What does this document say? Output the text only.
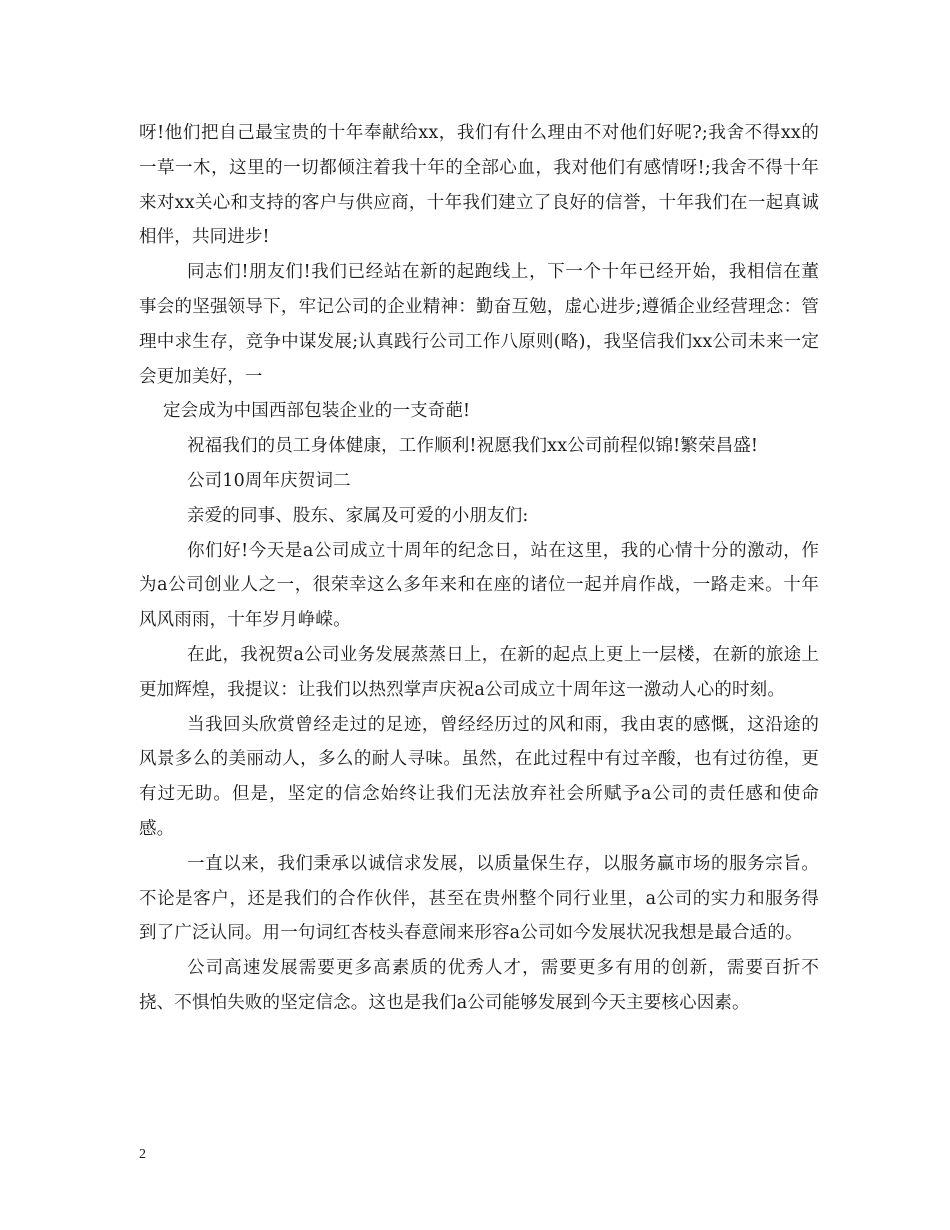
呀!他们把自己最宝贵的十年奉献给xx，我们有什么理由不对他们好呢?;我舍不得xx的一草一木，这里的一切都倾注着我十年的全部心血，我对他们有感情呀!;我舍不得十年来对xx关心和支持的客户与供应商，十年我们建立了良好的信誉，十年我们在一起真诚相伴，共同进步!

同志们!朋友们!我们已经站在新的起跑线上，下一个十年已经开始，我相信在董事会的坚强领导下，牢记公司的企业精神：勤奋互勉，虚心进步;遵循企业经营理念：管理中求生存，竞争中谋发展;认真践行公司工作八原则(略)，我坚信我们xx公司未来一定会更加美好，一

定会成为中国西部包装企业的一支奇葩!

祝福我们的员工身体健康，工作顺利!祝愿我们xx公司前程似锦!繁荣昌盛!

公司10周年庆贺词二

亲爱的同事、股东、家属及可爱的小朋友们:

你们好!今天是a公司成立十周年的纪念日，站在这里，我的心情十分的激动，作为a公司创业人之一，很荣幸这么多年来和在座的诸位一起并肩作战，一路走来。十年风风雨雨，十年岁月峥嵘。

在此，我祝贺a公司业务发展蒸蒸日上，在新的起点上更上一层楼，在新的旅途上更加辉煌，我提议：让我们以热烈掌声庆祝a公司成立十周年这一激动人心的时刻。

当我回头欣赏曾经走过的足迹，曾经经历过的风和雨，我由衷的感慨，这沿途的风景多么的美丽动人，多么的耐人寻味。虽然，在此过程中有过辛酸，也有过彷徨，更有过无助。但是，坚定的信念始终让我们无法放弃社会所赋予a公司的责任感和使命感。

一直以来，我们秉承以诚信求发展，以质量保生存，以服务赢市场的服务宗旨。不论是客户，还是我们的合作伙伴，甚至在贵州整个同行业里，a公司的实力和服务得到了广泛认同。用一句词红杏枝头春意闹来形容a公司如今发展状况我想是最合适的。

公司高速发展需要更多高素质的优秀人才，需要更多有用的创新，需要百折不挠、不惧怕失败的坚定信念。这也是我们a公司能够发展到今天主要核心因素。

2
